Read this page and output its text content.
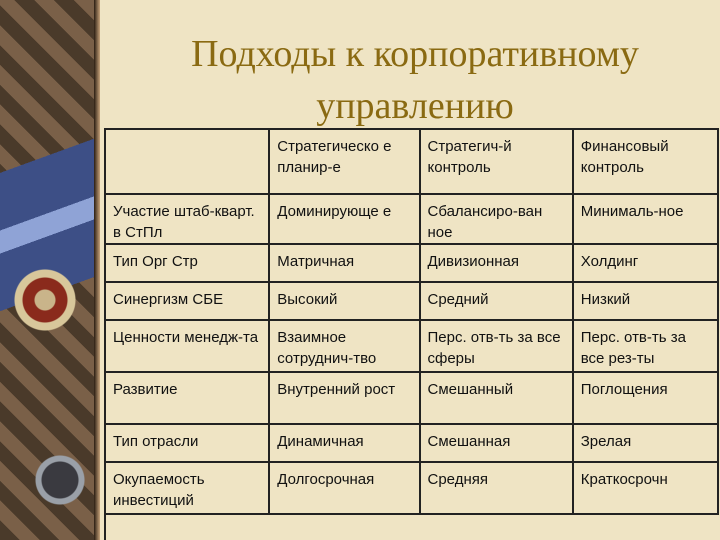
Подходы к корпоративному управлению
	Стратегическо е планир-е	Стратегич-й контроль	Финансовый контроль
Участие штаб-кварт. в СтПл	Доминирующе е	Сбалансиро-ван ное	Минималь-ное
Тип Орг Стр	Матричная	Дивизионная	Холдинг
Синергизм СБЕ	Высокий	Средний	Низкий
Ценности менедж-та	Взаимное сотруднич-тво	Перс. отв-ть за все сферы	Перс. отв-ть за все рез-ты
Развитие	Внутренний рост	Смешанный	Поглощения
Тип отрасли	Динамичная	Смешанная	Зрелая
Окупаемость инвестиций	Долгосрочная	Средняя	Краткосрочн
